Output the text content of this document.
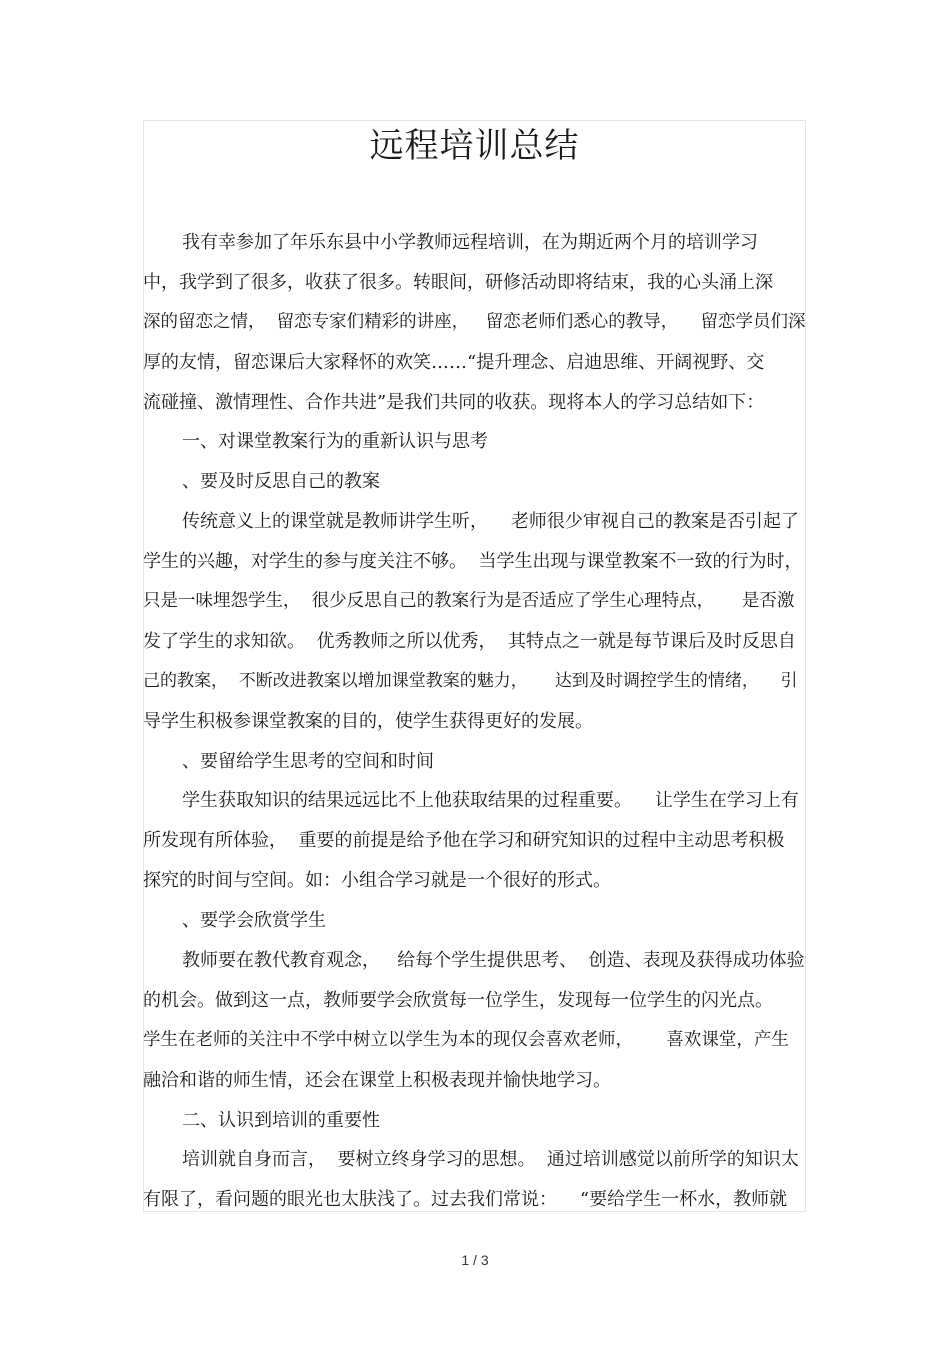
远程培训总结
我有幸参加了年乐东县中小学教师远程培训，在为期近两个月的培训学习
中，我学到了很多，收获了很多。转眼间，研修活动即将结束，我的心头涌上深
深的留恋之情，  留恋专家们精彩的讲座，   留恋老师们悉心的教导，    留恋学员们深
厚的友情，留恋课后大家释怀的欢笑……“提升理念、启迪思维、开阔视野、交
流碰撞、激情理性、合作共进”是我们共同的收获。现将本人的学习总结如下：
一、对课堂教案行为的重新认识与思考
、要及时反思自己的教案
传统意义上的课堂就是教师讲学生听，    老师很少审视自己的教案是否引起了
学生的兴趣，对学生的参与度关注不够。  当学生出现与课堂教案不一致的行为时，
只是一味埋怨学生，  很少反思自己的教案行为是否适应了学生心理特点，     是否激
发了学生的求知欲。  优秀教师之所以优秀，  其特点之一就是每节课后及时反思自
己的教案，  不断改进教案以增加课堂教案的魅力，     达到及时调控学生的情绪，    引
导学生积极参课堂教案的目的，使学生获得更好的发展。
、要留给学生思考的空间和时间
学生获取知识的结果远远比不上他获取结果的过程重要。    让学生在学习上有
所发现有所体验，  重要的前提是给予他在学习和研究知识的过程中主动思考积极
探究的时间与空间。如：小组合学习就是一个很好的形式。
、要学会欣赏学生
教师要在教代教育观念，   给每个学生提供思考、  创造、表现及获得成功体验
的机会。做到这一点，教师要学会欣赏每一位学生，发现每一位学生的闪光点。
学生在老师的关注中不学中树立以学生为本的现仅会喜欢老师，      喜欢课堂，产生
融洽和谐的师生情，还会在课堂上积极表现并愉快地学习。
二、认识到培训的重要性
培训就自身而言，  要树立终身学习的思想。  通过培训感觉以前所学的知识太
有限了，看问题的眼光也太肤浅了。过去我们常说：    “要给学生一杯水，教师就
1 / 3
